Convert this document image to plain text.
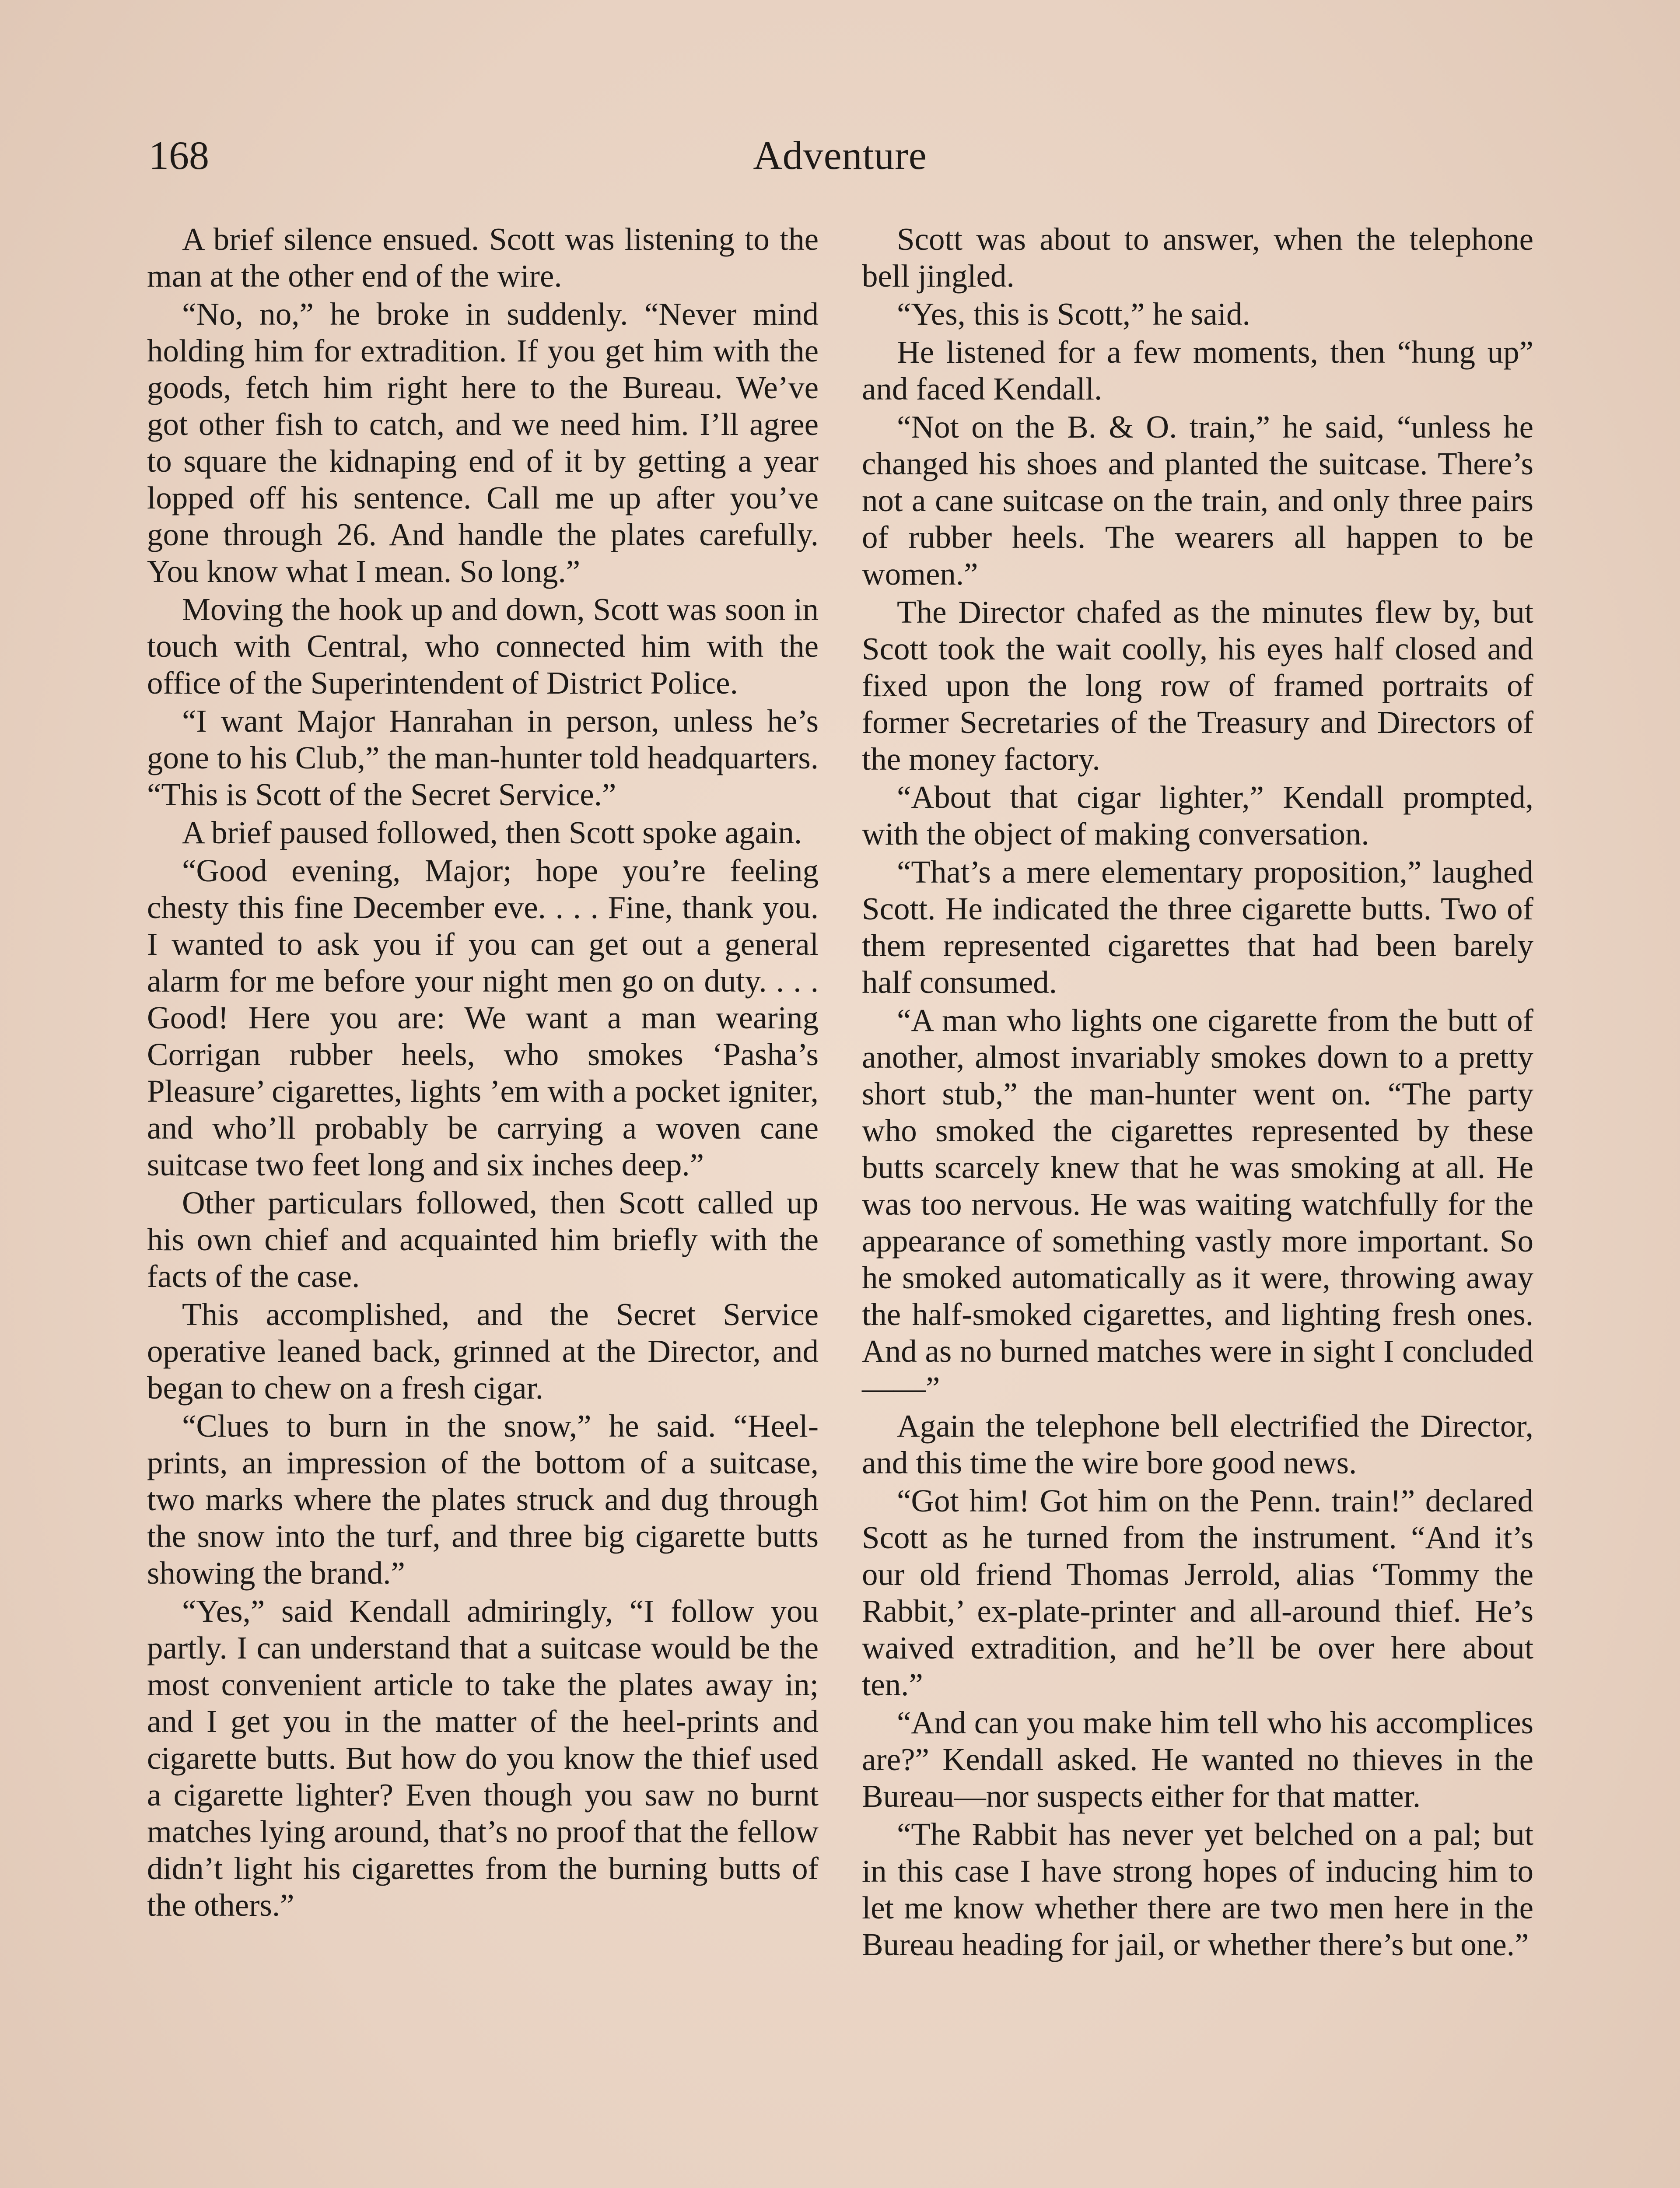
168	Adventure

A brief silence ensued. Scott was listening to the man at the other end of the wire.

“No, no,” he broke in suddenly. “Never mind holding him for extradition. If you get him with the goods, fetch him right here to the Bureau. We’ve got other fish to catch, and we need him. I’ll agree to square the kidnaping end of it by getting a year lopped off his sentence. Call me up after you’ve gone through 26. And handle the plates carefully. You know what I mean. So long.”

Moving the hook up and down, Scott was soon in touch with Central, who connected him with the office of the Superintendent of District Police.

“I want Major Hanrahan in person, unless he’s gone to his Club,” the man-hunter told headquarters. “This is Scott of the Secret Service.”

A brief paused followed, then Scott spoke again.

“Good evening, Major; hope you’re feeling chesty this fine December eve. . . . Fine, thank you. I wanted to ask you if you can get out a general alarm for me before your night men go on duty. . . . Good! Here you are: We want a man wearing Corrigan rubber heels, who smokes ‘Pasha’s Pleasure’ cigarettes, lights ’em with a pocket igniter, and who’ll probably be carrying a woven cane suitcase two feet long and six inches deep.”

Other particulars followed, then Scott called up his own chief and acquainted him briefly with the facts of the case.

This accomplished, and the Secret Service operative leaned back, grinned at the Director, and began to chew on a fresh cigar.

“Clues to burn in the snow,” he said. “Heel-prints, an impression of the bottom of a suitcase, two marks where the plates struck and dug through the snow into the turf, and three big cigarette butts showing the brand.”

“Yes,” said Kendall admiringly, “I follow you partly. I can understand that a suitcase would be the most convenient article to take the plates away in; and I get you in the matter of the heel-prints and cigarette butts. But how do you know the thief used a cigarette lighter? Even though you saw no burnt matches lying around, that’s no proof that the fellow didn’t light his cigarettes from the burning butts of the others.”

Scott was about to answer, when the telephone bell jingled.

“Yes, this is Scott,” he said.

He listened for a few moments, then “hung up” and faced Kendall.

“Not on the B. & O. train,” he said, “unless he changed his shoes and planted the suitcase. There’s not a cane suitcase on the train, and only three pairs of rubber heels. The wearers all happen to be women.”

The Director chafed as the minutes flew by, but Scott took the wait coolly, his eyes half closed and fixed upon the long row of framed portraits of former Secretaries of the Treasury and Directors of the money factory.

“About that cigar lighter,” Kendall prompted, with the object of making conversation.

“That’s a mere elementary proposition,” laughed Scott. He indicated the three cigarette butts. Two of them represented cigarettes that had been barely half consumed.

“A man who lights one cigarette from the butt of another, almost invariably smokes down to a pretty short stub,” the man-hunter went on. “The party who smoked the cigarettes represented by these butts scarcely knew that he was smoking at all. He was too nervous. He was waiting watchfully for the appearance of something vastly more important. So he smoked automatically as it were, throwing away the half-smoked cigarettes, and lighting fresh ones. And as no burned matches were in sight I concluded——”

Again the telephone bell electrified the Director, and this time the wire bore good news.

“Got him! Got him on the Penn. train!” declared Scott as he turned from the instrument. “And it’s our old friend Thomas Jerrold, alias ‘Tommy the Rabbit,’ ex-plate-printer and all-around thief. He’s waived extradition, and he’ll be over here about ten.”

“And can you make him tell who his accomplices are?” Kendall asked. He wanted no thieves in the Bureau—nor suspects either for that matter.

“The Rabbit has never yet belched on a pal; but in this case I have strong hopes of inducing him to let me know whether there are two men here in the Bureau heading for jail, or whether there’s but one.”
